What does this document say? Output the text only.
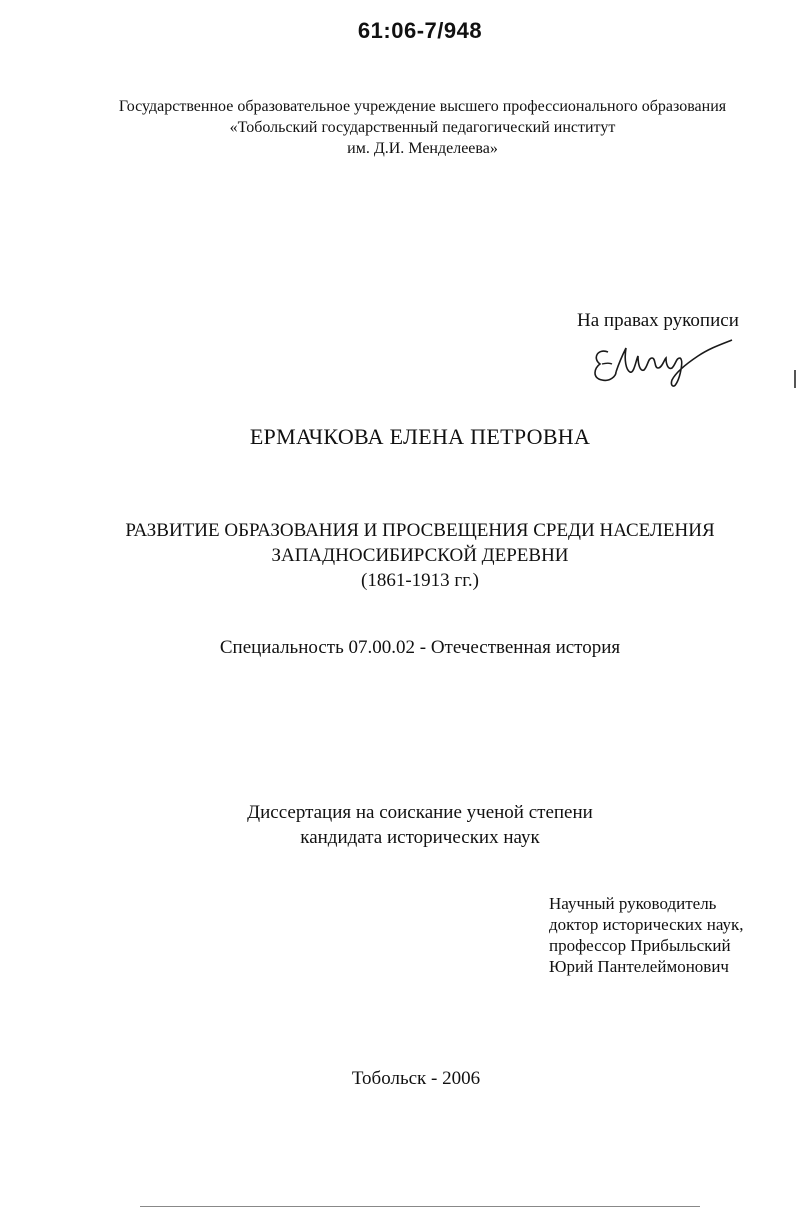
61:06-7/948
Государственное образовательное учреждение высшего профессионального образования
«Тобольский государственный педагогический институт
им. Д.И. Менделеева»
На правах рукописи
ЕРМАЧКОВА ЕЛЕНА ПЕТРОВНА
РАЗВИТИЕ ОБРАЗОВАНИЯ И ПРОСВЕЩЕНИЯ СРЕДИ НАСЕЛЕНИЯ
ЗАПАДНОСИБИРСКОЙ ДЕРЕВНИ
(1861-1913 гг.)
Специальность 07.00.02 - Отечественная история
Диссертация на соискание ученой степени
кандидата исторических наук
Научный руководитель
доктор исторических наук,
профессор Прибыльский
Юрий Пантелеймонович
Тобольск - 2006
